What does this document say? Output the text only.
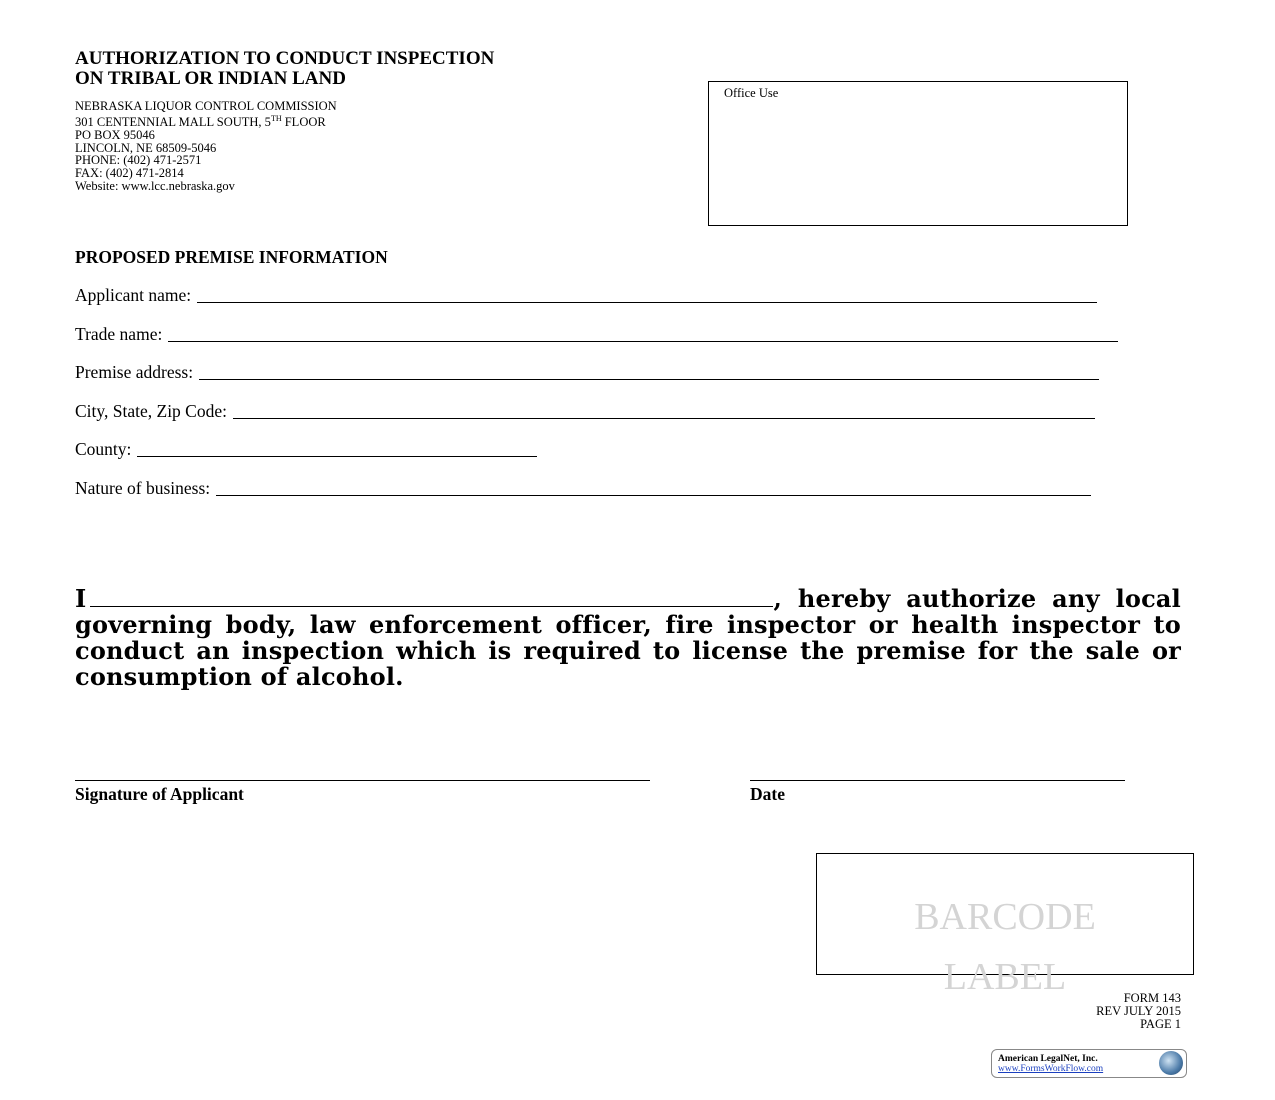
AUTHORIZATION TO CONDUCT INSPECTION
ON TRIBAL OR INDIAN LAND
NEBRASKA LIQUOR CONTROL COMMISSION
301 CENTENNIAL MALL SOUTH, 5TH FLOOR
PO BOX 95046
LINCOLN, NE 68509-5046
PHONE: (402) 471-2571
FAX: (402) 471-2814
Website: www.lcc.nebraska.gov
Office Use
PROPOSED PREMISE INFORMATION
Applicant name:
Trade name:
Premise address:
City, State, Zip Code:
County:
Nature of business:
I	, hereby authorize any local governing body, law enforcement officer, fire inspector or health inspector to conduct an inspection which is required to license the premise for the sale or consumption of alcohol.
Signature of Applicant	Date
BARCODE
LABEL	FORM 143
REV JULY 2015
PAGE 1
American LegalNet, Inc.
www.FormsWorkFlow.com
